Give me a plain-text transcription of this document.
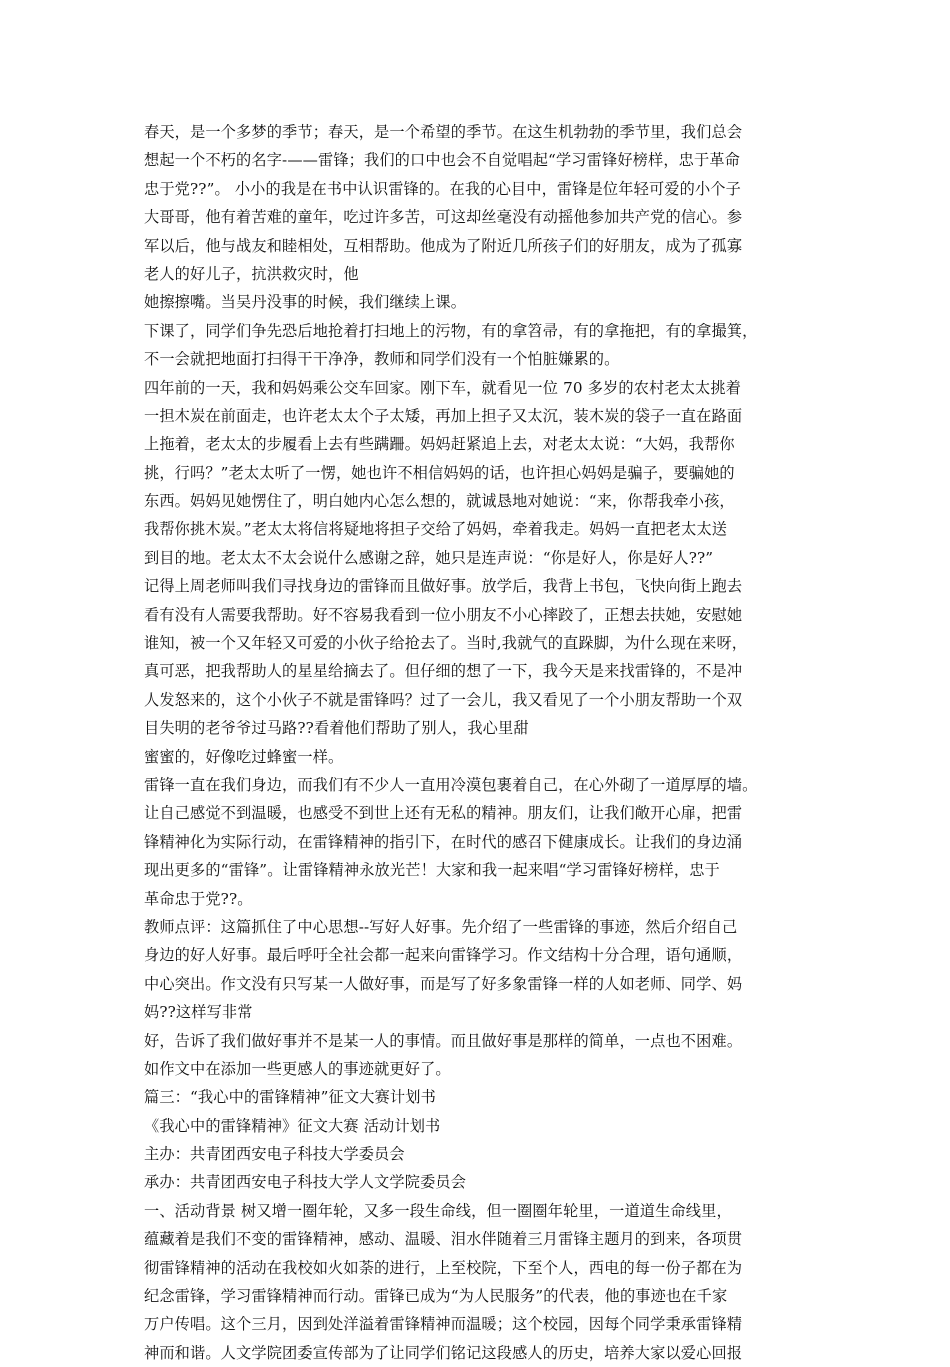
春天，是一个多梦的季节；春天，是一个希望的季节。在这生机勃勃的季节里，我们总会
想起一个不朽的名字-——雷锋；我们的口中也会不自觉唱起“学习雷锋好榜样，忠于革命
忠于党??”。 小小的我是在书中认识雷锋的。在我的心目中，雷锋是位年轻可爱的小个子
大哥哥，他有着苦难的童年，吃过许多苦，可这却丝毫没有动摇他参加共产党的信心。参
军以后，他与战友和睦相处，互相帮助。他成为了附近几所孩子们的好朋友，成为了孤寡
老人的好儿子，抗洪救灾时，他
她擦擦嘴。当吴丹没事的时候，我们继续上课。
下课了，同学们争先恐后地抢着打扫地上的污物，有的拿笤帚，有的拿拖把，有的拿撮箕，
不一会就把地面打扫得干干净净，教师和同学们没有一个怕脏嫌累的。
四年前的一天，我和妈妈乘公交车回家。刚下车，就看见一位 70 多岁的农村老太太挑着
一担木炭在前面走，也许老太太个子太矮，再加上担子又太沉，装木炭的袋子一直在路面
上拖着，老太太的步履看上去有些蹒跚。妈妈赶紧追上去，对老太太说：“大妈，我帮你
挑，行吗？”老太太听了一愣，她也许不相信妈妈的话，也许担心妈妈是骗子，要骗她的
东西。妈妈见她愣住了，明白她内心怎么想的，就诚恳地对她说：“来，你帮我牵小孩，
我帮你挑木炭。”老太太将信将疑地将担子交给了妈妈，牵着我走。妈妈一直把老太太送
到目的地。老太太不太会说什么感谢之辞，她只是连声说：“你是好人，你是好人??”
记得上周老师叫我们寻找身边的雷锋而且做好事。放学后，我背上书包，飞快向街上跑去
看有没有人需要我帮助。好不容易我看到一位小朋友不小心摔跤了，正想去扶她，安慰她
谁知，被一个又年轻又可爱的小伙子给抢去了。当时,我就气的直跺脚，为什么现在来呀，
真可恶，把我帮助人的星星给摘去了。但仔细的想了一下，我今天是来找雷锋的，不是冲
人发怒来的，这个小伙子不就是雷锋吗？过了一会儿，我又看见了一个小朋友帮助一个双
目失明的老爷爷过马路??看着他们帮助了别人，我心里甜
蜜蜜的，好像吃过蜂蜜一样。
雷锋一直在我们身边，而我们有不少人一直用冷漠包裹着自己，在心外砌了一道厚厚的墙。
让自己感觉不到温暖，也感受不到世上还有无私的精神。朋友们，让我们敞开心扉，把雷
锋精神化为实际行动，在雷锋精神的指引下，在时代的感召下健康成长。让我们的身边涌
现出更多的“雷锋”。让雷锋精神永放光芒！大家和我一起来唱“学习雷锋好榜样，忠于
革命忠于党??。
教师点评：这篇抓住了中心思想--写好人好事。先介绍了一些雷锋的事迹，然后介绍自己
身边的好人好事。最后呼吁全社会都一起来向雷锋学习。作文结构十分合理，语句通顺，
中心突出。作文没有只写某一人做好事，而是写了好多象雷锋一样的人如老师、同学、妈
妈??这样写非常
好，告诉了我们做好事并不是某一人的事情。而且做好事是那样的简单，一点也不困难。
如作文中在添加一些更感人的事迹就更好了。
篇三：“我心中的雷锋精神”征文大赛计划书
《我心中的雷锋精神》征文大赛 活动计划书
主办：共青团西安电子科技大学委员会
承办：共青团西安电子科技大学人文学院委员会
一、活动背景 树又增一圈年轮，又多一段生命线，但一圈圈年轮里，一道道生命线里，
蕴藏着是我们不变的雷锋精神，感动、温暖、泪水伴随着三月雷锋主题月的到来，各项贯
彻雷锋精神的活动在我校如火如荼的进行，上至校院，下至个人，西电的每一份子都在为
纪念雷锋，学习雷锋精神而行动。雷锋已成为“为人民服务”的代表，他的事迹也在千家
万户传唱。这个三月，因到处洋溢着雷锋精神而温暖；这个校园，因每个同学秉承雷锋精
神而和谐。人文学院团委宣传部为了让同学们铭记这段感人的历史，培养大家以爱心回报
